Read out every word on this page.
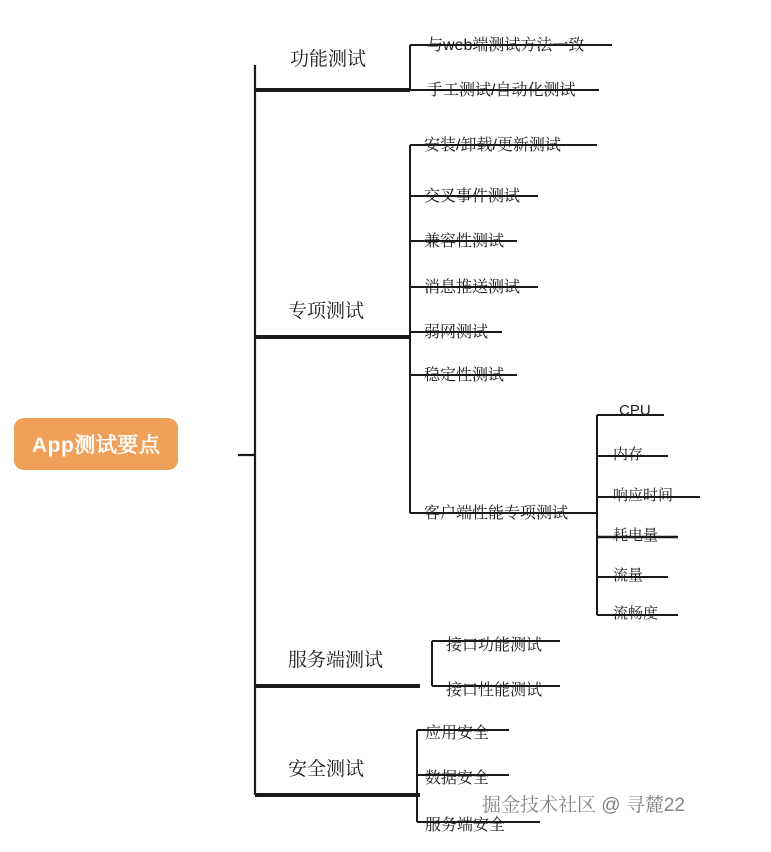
App测试要点
功能测试
与web端测试方法一致
手工测试/自动化测试
专项测试
安装/卸载/更新测试
交叉事件测试
兼容性测试
消息推送测试
弱网测试
稳定性测试
客户端性能专项测试
CPU
内存
响应时间
耗电量
流量
流畅度
服务端测试
接口功能测试
接口性能测试
安全测试
应用安全
数据安全
服务端安全
掘金技术社区 @ 寻麓22
